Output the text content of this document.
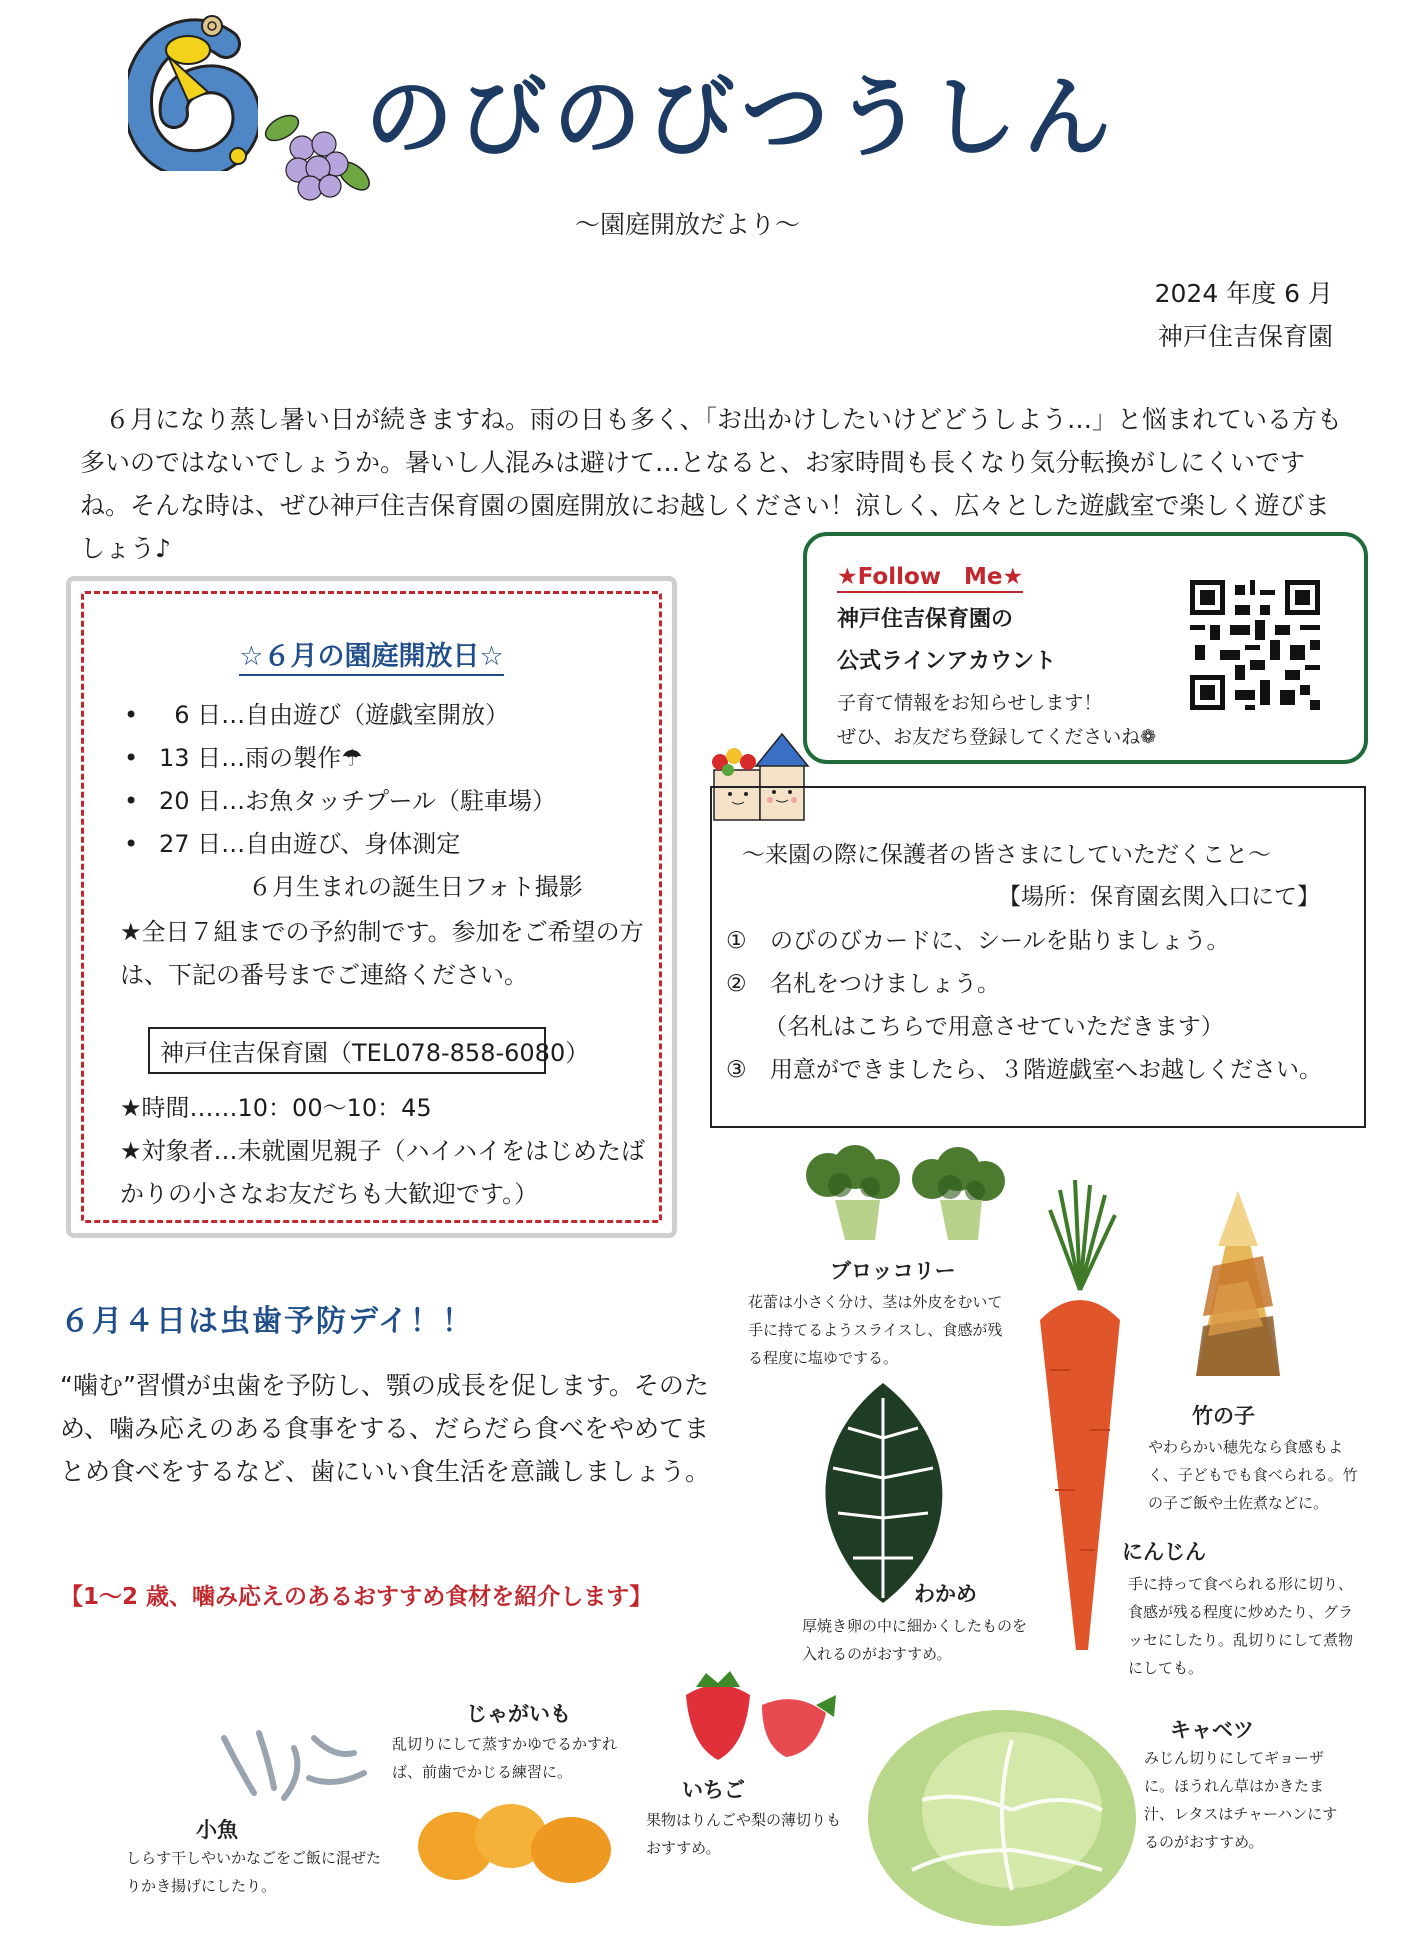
のびのびつうしん
～園庭開放だより～
2024 年度 6 月
神戸住吉保育園
６月になり蒸し暑い日が続きますね。雨の日も多く、「お出かけしたいけどどうしよう…」と悩まれている方も多いのではないでしょうか。暑いし人混みは避けて…となると、お家時間も長くなり気分転換がしにくいですね。そんな時は、ぜひ神戸住吉保育園の園庭開放にお越しください！涼しく、広々とした遊戯室で楽しく遊びましょう♪
☆６月の園庭開放日☆
• 6 日…自由遊び（遊戯室開放）
• 13 日…雨の製作☂
• 20 日…お魚タッチプール（駐車場）
• 27 日…自由遊び、身体測定
６月生まれの誕生日フォト撮影
★全日７組までの予約制です。参加をご希望の方は、下記の番号までご連絡ください。
神戸住吉保育園（TEL078-858-6080）
★時間……10：00～10：45
★対象者…未就園児親子（ハイハイをはじめたばかりの小さなお友だちも大歓迎です。）
★Follow　Me★
神戸住吉保育園の
公式ラインアカウント
子育て情報をお知らせします！
ぜひ、お友だち登録してくださいね❁
～来園の際に保護者の皆さまにしていただくこと～
【場所：保育園玄関入口にて】
① のびのびカードに、シールを貼りましょう。
② 名札をつけましょう。
（名札はこちらで用意させていただきます）
③ 用意ができましたら、３階遊戯室へお越しください。
６月４日は虫歯予防デイ！！
“噛む”習慣が虫歯を予防し、顎の成長を促します。そのため、噛み応えのある食事をする、だらだら食べをやめてまとめ食べをするなど、歯にいい食生活を意識しましょう。
【1～2 歳、噛み応えのあるおすすめ食材を紹介します】
ブロッコリー
花蕾は小さく分け、茎は外皮をむいて手に持てるようスライスし、食感が残る程度に塩ゆでする。
竹の子
やわらかい穂先なら食感もよく、子どもでも食べられる。竹の子ご飯や土佐煮などに。
にんじん
手に持って食べられる形に切り、食感が残る程度に炒めたり、グラッセにしたり。乱切りにして煮物にしても。
わかめ
厚焼き卵の中に細かくしたものを入れるのがおすすめ。
小魚
しらす干しやいかなごをご飯に混ぜたりかき揚げにしたり。
じゃがいも
乱切りにして蒸すかゆでるかすれば、前歯でかじる練習に。
いちご
果物はりんごや梨の薄切りもおすすめ。
キャベツ
みじん切りにしてギョーザに。ほうれん草はかきたま汁、レタスはチャーハンにするのがおすすめ。
